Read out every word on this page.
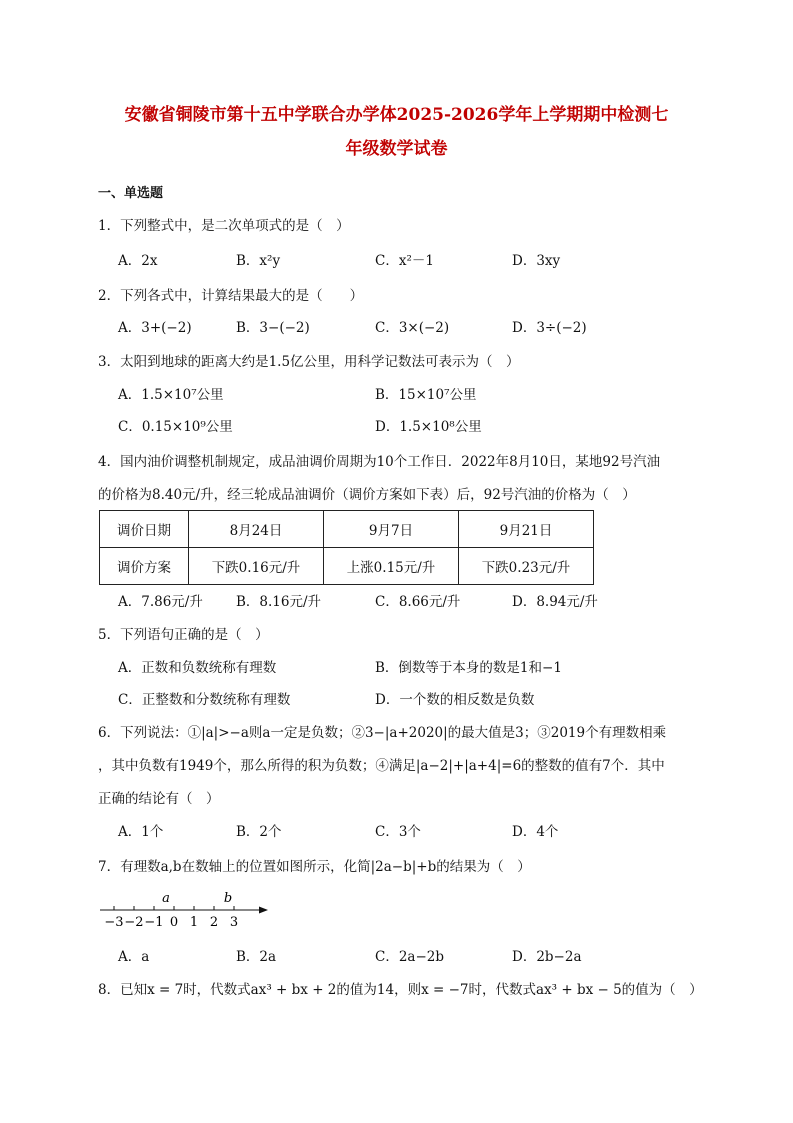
安徽省铜陵市第十五中学联合办学体2025-2026学年上学期期中检测七
年级数学试卷
一、单选题
1．下列整式中，是二次单项式的是（　）
A．2x	B．x²y	C．x²－1	D．3xy
2．下列各式中，计算结果最大的是（　　）
A．3+(−2)	B．3−(−2)	C．3×(−2)	D．3÷(−2)
3．太阳到地球的距离大约是1.5亿公里，用科学记数法可表示为（　）
A．1.5×10⁷公里	B．15×10⁷公里
C．0.15×10⁹公里	D．1.5×10⁸公里
4．国内油价调整机制规定，成品油调价周期为10个工作日．2022年8月10日，某地92号汽油
的价格为8.40元/升，经三轮成品油调价（调价方案如下表）后，92号汽油的价格为（　）
调价日期	8月24日	9月7日	9月21日
调价方案	下跌0.16元/升	上涨0.15元/升	下跌0.23元/升
A．7.86元/升 B．8.16元/升	C．8.66元/升	D．8.94元/升
5．下列语句正确的是（　）
A．正数和负数统称有理数	B．倒数等于本身的数是1和−1
C．正整数和分数统称有理数	D．一个数的相反数是负数
6．下列说法：①|a|>−a则a一定是负数；②3−|a+2020|的最大值是3；③2019个有理数相乘
，其中负数有1949个，那么所得的积为负数；④满足|a−2|+|a+4|=6的整数的值有7个．其中
正确的结论有（　）
A．1个	B．2个	C．3个	D．4个
7．有理数a,b在数轴上的位置如图所示，化简|2a−b|+b的结果为（　）
−3 −2 −1 0 1 2 3
a	b
A．a	B．2a	C．2a−2b	D．2b−2a
8．已知x = 7时，代数式ax³ + bx + 2的值为14，则x = −7时，代数式ax³ + bx − 5的值为（　）
